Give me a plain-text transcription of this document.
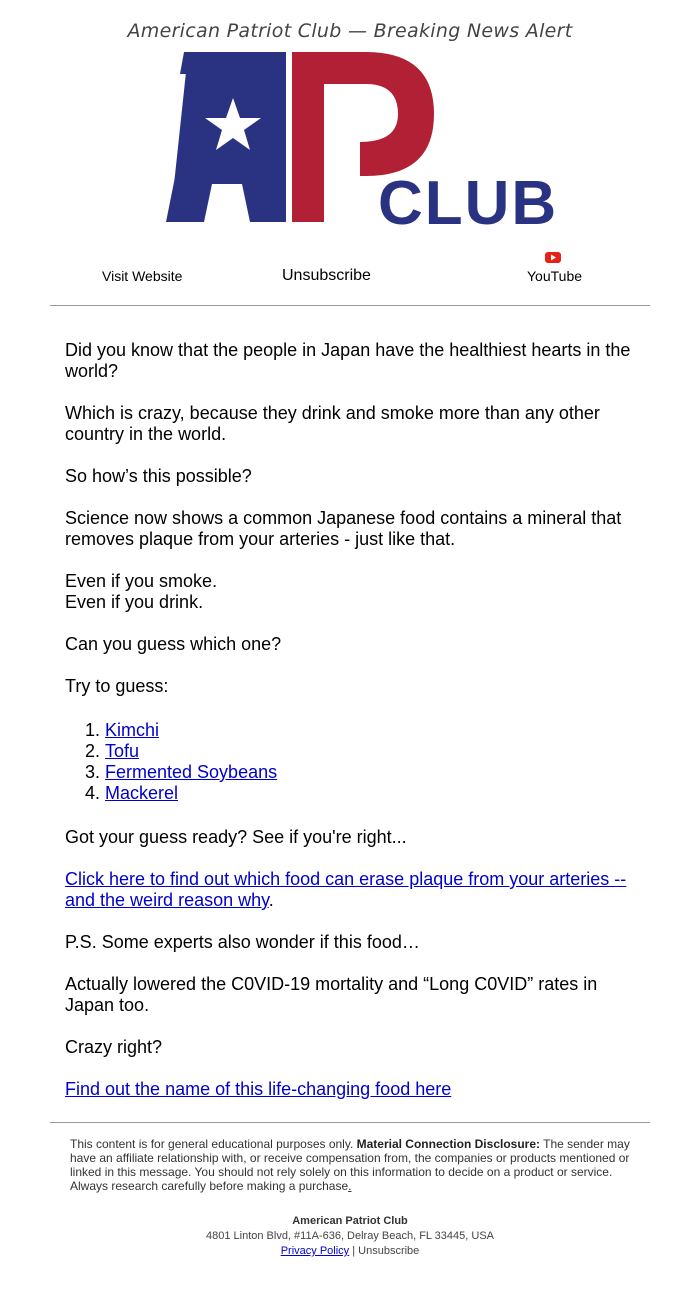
American Patriot Club — Breaking News Alert
CLUB
Visit Website	Unsubscribe	YouTube

Did you know that the people in Japan have the healthiest hearts in the world?

Which is crazy, because they drink and smoke more than any other country in the world.

So how’s this possible?

Science now shows a common Japanese food contains a mineral that removes plaque from your arteries - just like that.

Even if you smoke.
Even if you drink.

Can you guess which one?

Try to guess:

1. Kimchi
2. Tofu
3. Fermented Soybeans
4. Mackerel

Got your guess ready? See if you're right...

Click here to find out which food can erase plaque from your arteries -- and the weird reason why.

P.S. Some experts also wonder if this food…

Actually lowered the C0VID-19 mortality and “Long C0VID” rates in Japan too.

Crazy right?

Find out the name of this life-changing food here

This content is for general educational purposes only. Material Connection Disclosure: The sender may have an affiliate relationship with, or receive compensation from, the companies or products mentioned or linked in this message. You should not rely solely on this information to decide on a product or service. Always research carefully before making a purchase.
American Patriot Club
4801 Linton Blvd, #11A-636, Delray Beach, FL 33445, USA
Privacy Policy | Unsubscribe
